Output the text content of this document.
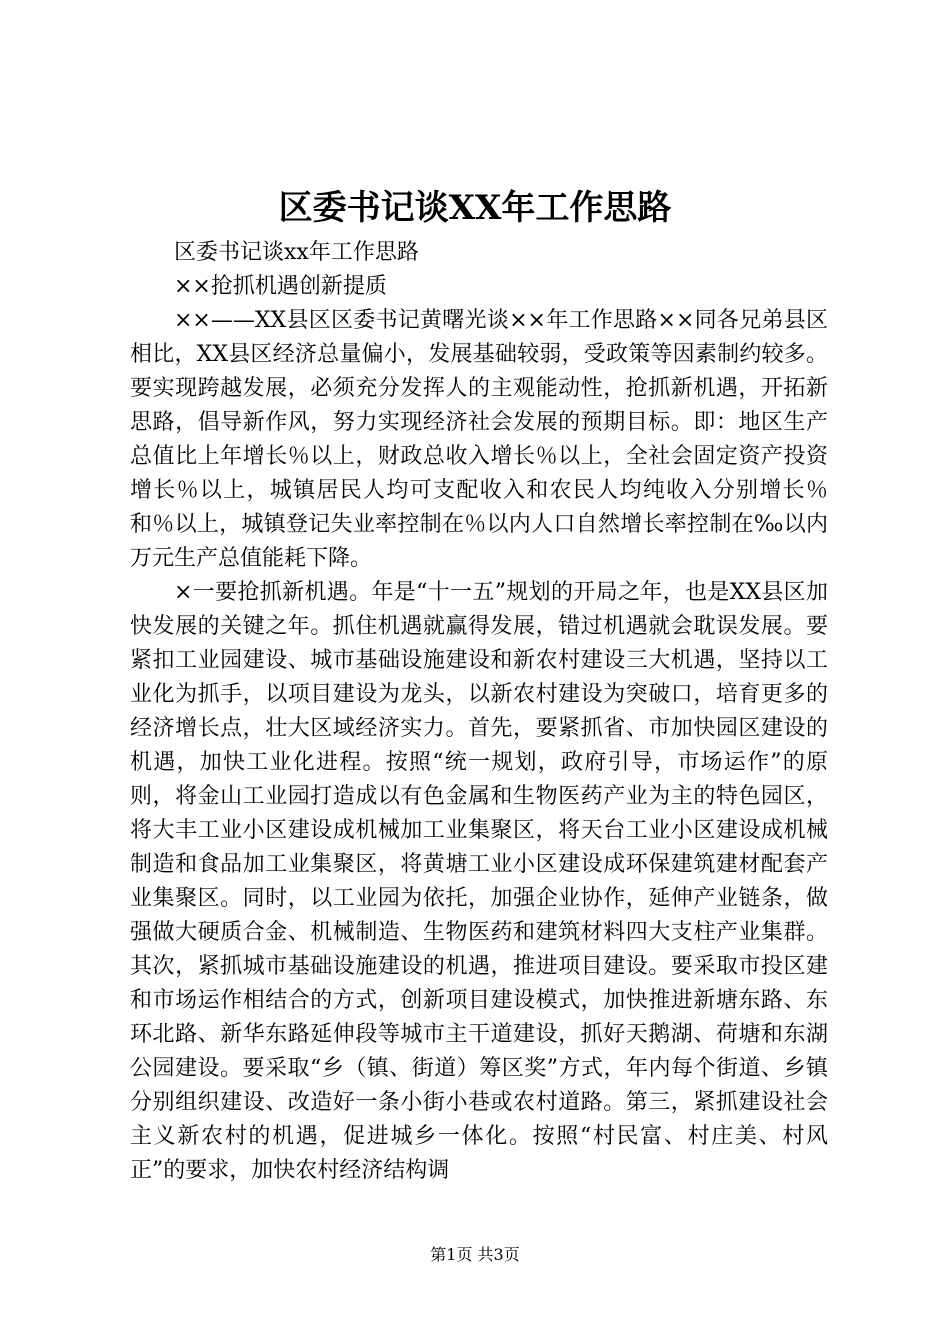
区委书记谈XX年工作思路

区委书记谈xx年工作思路

××抢抓机遇创新提质

××——XX县区区委书记黄曙光谈××年工作思路××同各兄弟县区相比，XX县区经济总量偏小，发展基础较弱，受政策等因素制约较多。要实现跨越发展，必须充分发挥人的主观能动性，抢抓新机遇，开拓新思路，倡导新作风，努力实现经济社会发展的预期目标。即：地区生产总值比上年增长％以上，财政总收入增长％以上，全社会固定资产投资增长％以上，城镇居民人均可支配收入和农民人均纯收入分别增长％和％以上，城镇登记失业率控制在％以内人口自然增长率控制在‰以内万元生产总值能耗下降。

×一要抢抓新机遇。年是“十一五”规划的开局之年，也是XX县区加快发展的关键之年。抓住机遇就赢得发展，错过机遇就会耽误发展。要紧扣工业园建设、城市基础设施建设和新农村建设三大机遇，坚持以工业化为抓手，以项目建设为龙头，以新农村建设为突破口，培育更多的经济增长点，壮大区域经济实力。首先，要紧抓省、市加快园区建设的机遇，加快工业化进程。按照“统一规划，政府引导，市场运作”的原则，将金山工业园打造成以有色金属和生物医药产业为主的特色园区，将大丰工业小区建设成机械加工业集聚区，将天台工业小区建设成机械制造和食品加工业集聚区，将黄塘工业小区建设成环保建筑建材配套产业集聚区。同时，以工业园为依托，加强企业协作，延伸产业链条，做强做大硬质合金、机械制造、生物医药和建筑材料四大支柱产业集群。其次，紧抓城市基础设施建设的机遇，推进项目建设。要采取市投区建和市场运作相结合的方式，创新项目建设模式，加快推进新塘东路、东环北路、新华东路延伸段等城市主干道建设，抓好天鹅湖、荷塘和东湖公园建设。要采取“乡（镇、街道）筹区奖”方式，年内每个街道、乡镇分别组织建设、改造好一条小街小巷或农村道路。第三，紧抓建设社会主义新农村的机遇，促进城乡一体化。按照“村民富、村庄美、村风正”的要求，加快农村经济结构调

第1页 共3页
